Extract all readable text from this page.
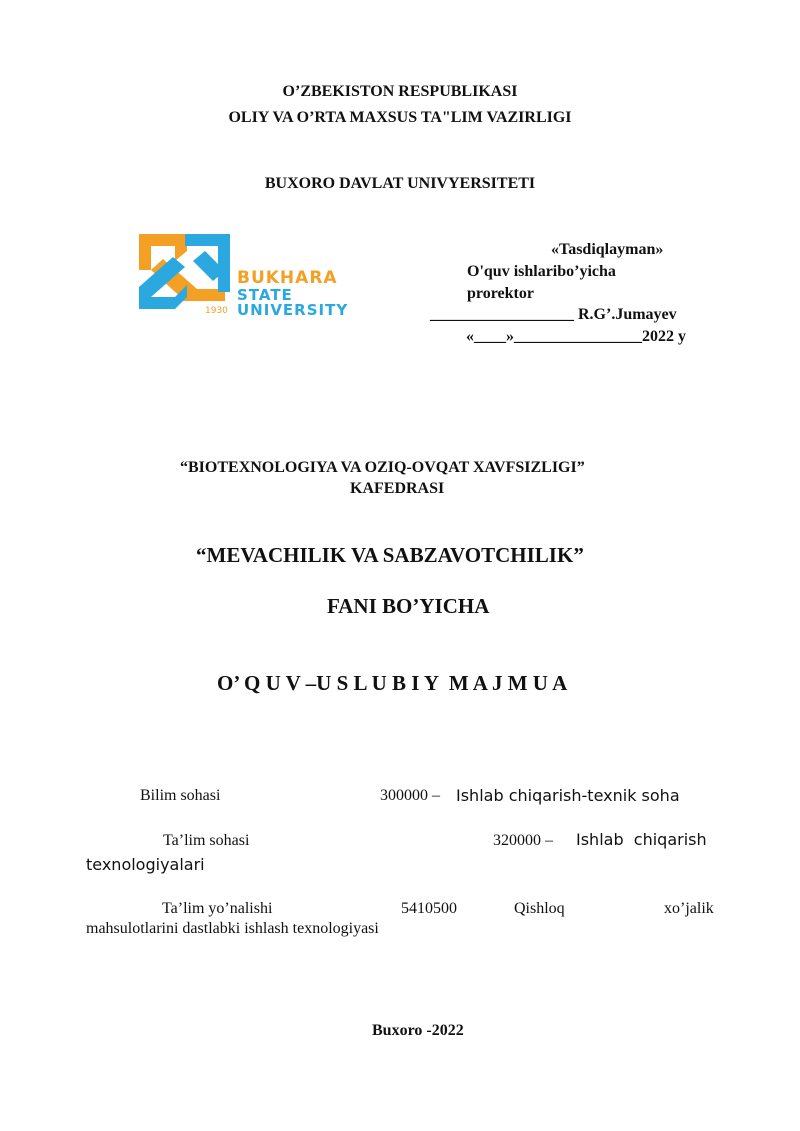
O’ZBEKISTON RESPUBLIKASI
OLIY VA O’RTA MAXSUS TA"LIM VAZIRLIGI
BUXORO DAVLAT UNIVYERSITETI
BUKHARA
STATE
1930 UNIVERSITY
«Tasdiqlayman»
O'quv ishlaribo’yicha
prorektor
__________________ R.G’.Jumayev
«____»________________2022 y
“BIOTEXNOLOGIYA VA OZIQ-OVQAT XAVFSIZLIGI”
KAFEDRASI
“MEVACHILIK VA SABZAVOTCHILIK”
FANI BO’YICHA
O’ Q U V –U S L U B I Y  M A J M U A
Bilim sohasi	300000 – Ishlab chiqarish-texnik soha
Ta’lim sohasi	320000 – Ishlab  chiqarish
texnologiyalari
Ta’lim yo’nalishi	5410500	Qishloq	xo’jalik
mahsulotlarini dastlabki ishlash texnologiyasi
Buxoro -2022
